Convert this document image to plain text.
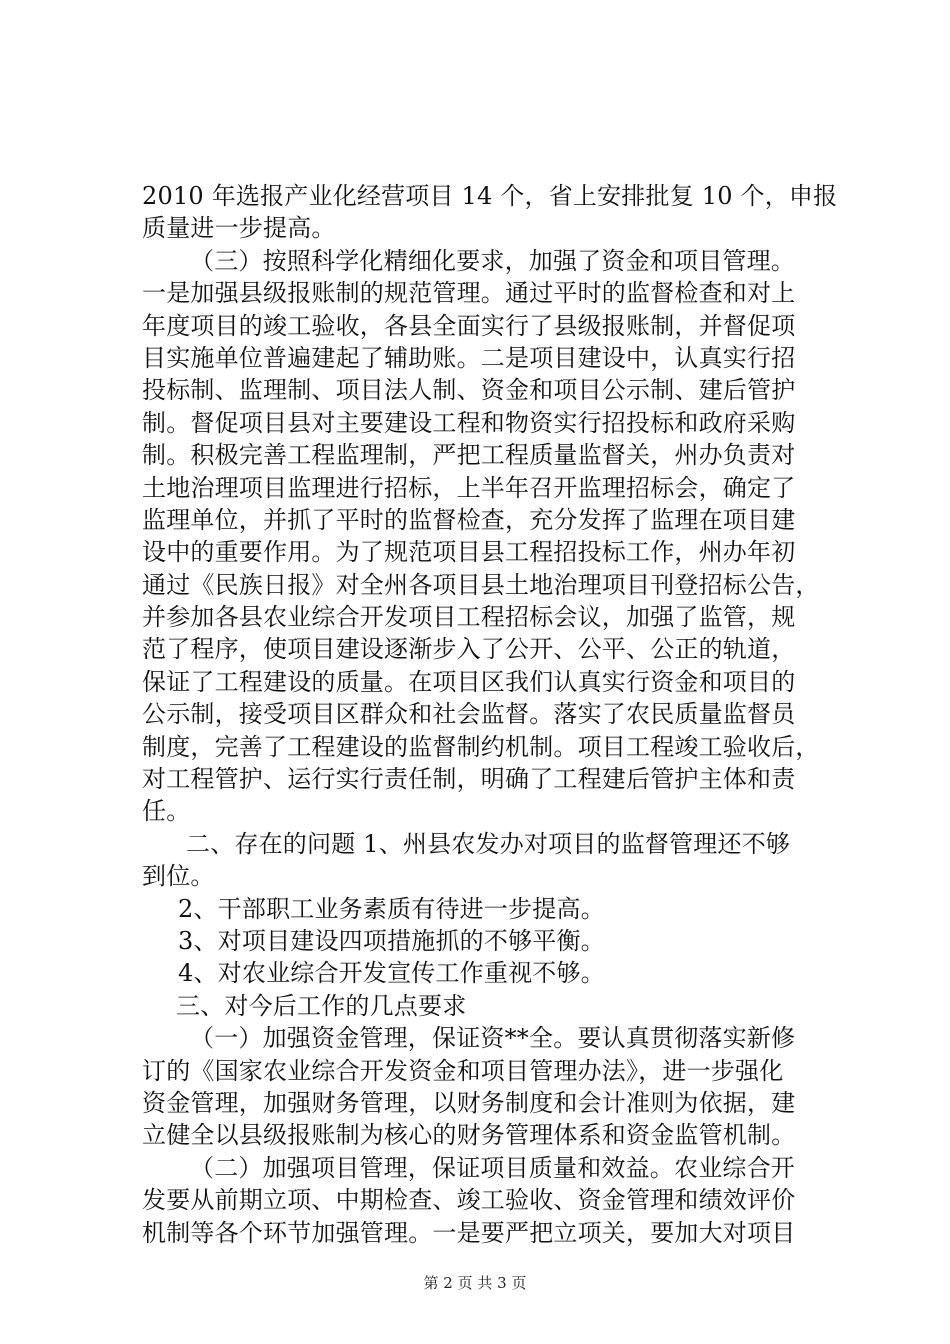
2010 年选报产业化经营项目 14 个，省上安排批复 10 个，申报
质量进一步提高。
（三）按照科学化精细化要求，加强了资金和项目管理。
一是加强县级报账制的规范管理。通过平时的监督检查和对上
年度项目的竣工验收，各县全面实行了县级报账制，并督促项
目实施单位普遍建起了辅助账。二是项目建设中，认真实行招
投标制、监理制、项目法人制、资金和项目公示制、建后管护
制。督促项目县对主要建设工程和物资实行招投标和政府采购
制。积极完善工程监理制，严把工程质量监督关，州办负责对
土地治理项目监理进行招标，上半年召开监理招标会，确定了
监理单位，并抓了平时的监督检查，充分发挥了监理在项目建
设中的重要作用。为了规范项目县工程招投标工作，州办年初
通过《民族日报》对全州各项目县土地治理项目刊登招标公告，
并参加各县农业综合开发项目工程招标会议，加强了监管，规
范了程序，使项目建设逐渐步入了公开、公平、公正的轨道，
保证了工程建设的质量。在项目区我们认真实行资金和项目的
公示制，接受项目区群众和社会监督。落实了农民质量监督员
制度，完善了工程建设的监督制约机制。项目工程竣工验收后，
对工程管护、运行实行责任制，明确了工程建后管护主体和责
任。
二、存在的问题 1、州县农发办对项目的监督管理还不够
到位。
2、干部职工业务素质有待进一步提高。
3、对项目建设四项措施抓的不够平衡。
4、对农业综合开发宣传工作重视不够。
三、对今后工作的几点要求
（一）加强资金管理，保证资**全。要认真贯彻落实新修
订的《国家农业综合开发资金和项目管理办法》，进一步强化
资金管理，加强财务管理，以财务制度和会计准则为依据，建
立健全以县级报账制为核心的财务管理体系和资金监管机制。
（二）加强项目管理，保证项目质量和效益。农业综合开
发要从前期立项、中期检查、竣工验收、资金管理和绩效评价
机制等各个环节加强管理。一是要严把立项关，要加大对项目
第 2 页 共 3 页
